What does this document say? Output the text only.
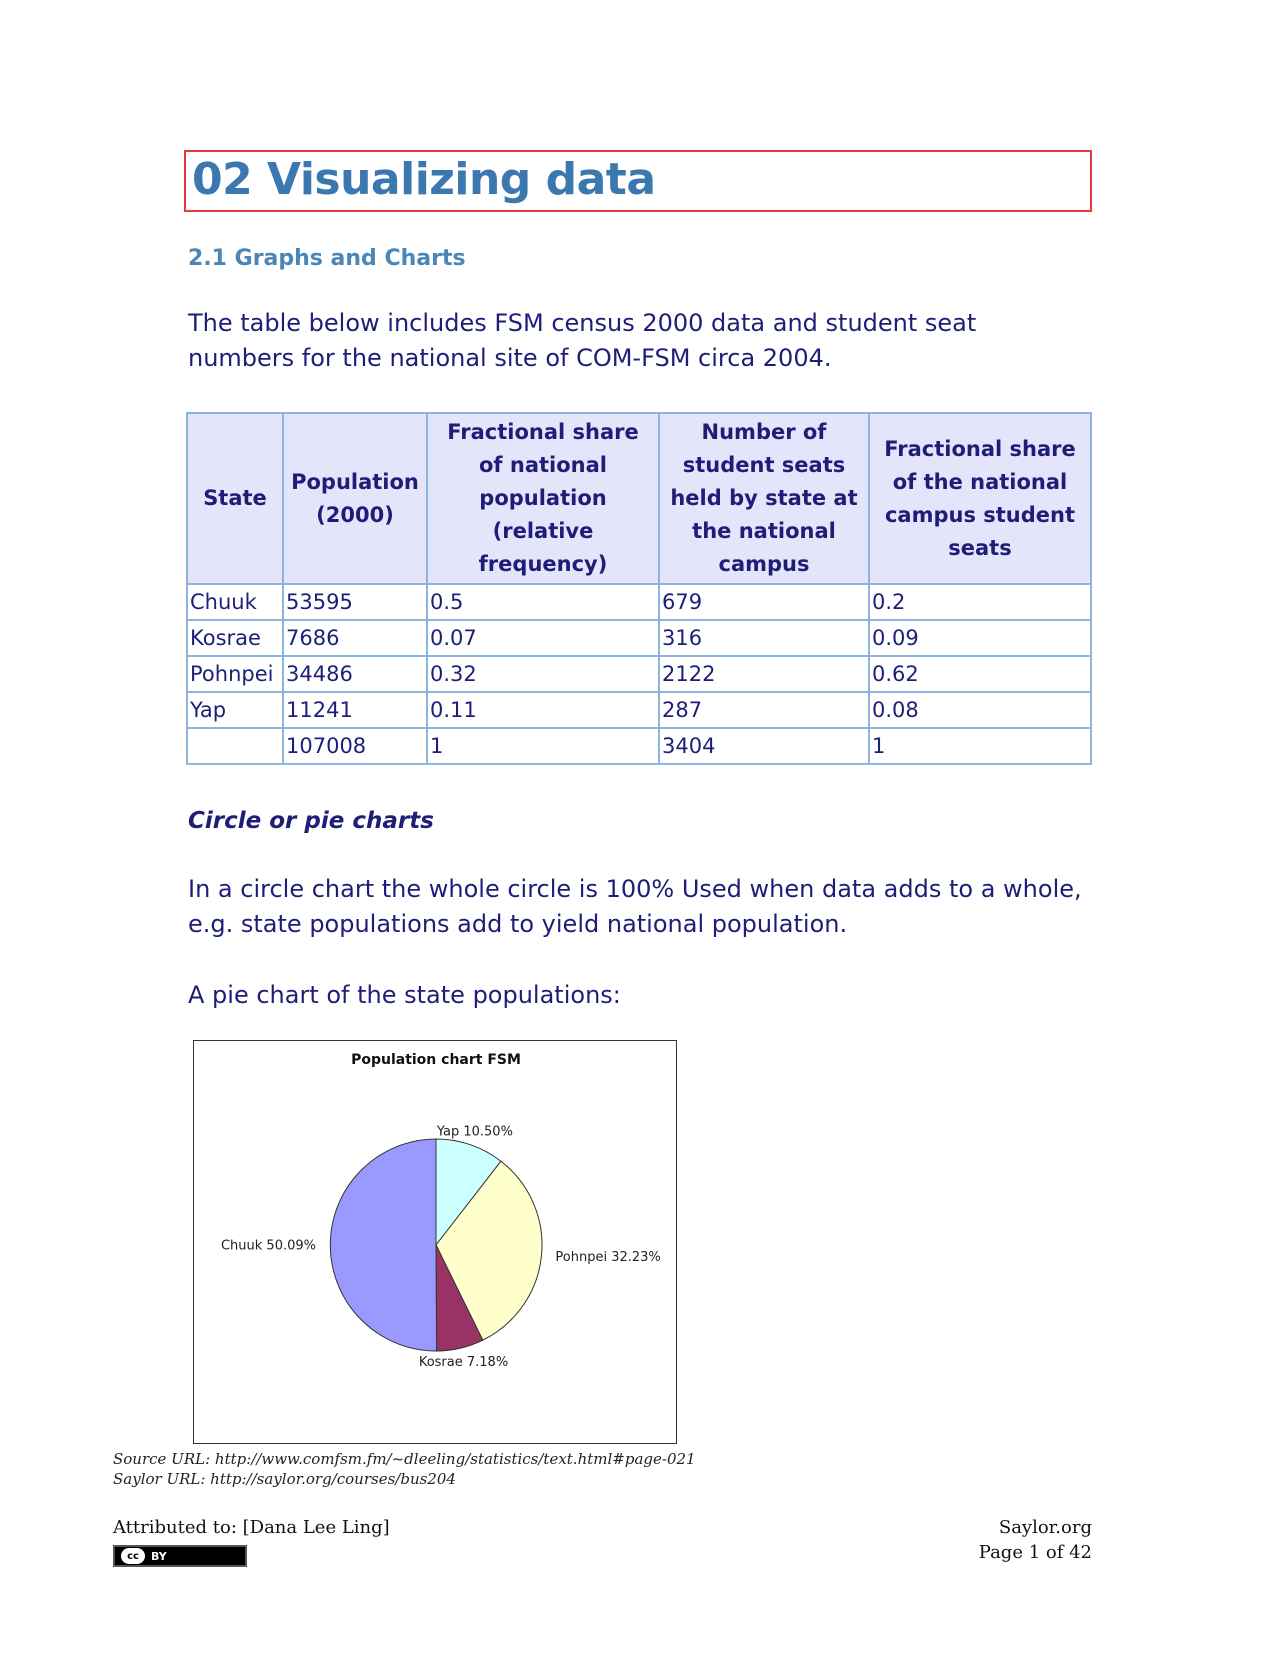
02 Visualizing data
2.1 Graphs and Charts

The table below includes FSM census 2000 data and student seat numbers for the national site of COM-FSM circa 2004.

State	Population (2000)	Fractional share of national population (relative frequency)	Number of student seats held by state at the national campus	Fractional share of the national campus student seats
Chuuk	53595	0.5	679	0.2
Kosrae	7686	0.07	316	0.09
Pohnpei	34486	0.32	2122	0.62
Yap	11241	0.11	287	0.08
	107008	1	3404	1
Circle or pie charts

In a circle chart the whole circle is 100% Used when data adds to a whole, e.g. state populations add to yield national population.

A pie chart of the state populations:

Population chart FSM
Yap 10.50%
Pohnpei 32.23%
Kosrae 7.18%
Chuuk 50.09%

Source URL: http://www.comfsm.fm/~dleeling/statistics/text.html#page-021

Saylor URL: http://saylor.org/courses/bus204

Attributed to: [Dana Lee Ling]

cc	BY

Saylor.org

Page 1 of 42
